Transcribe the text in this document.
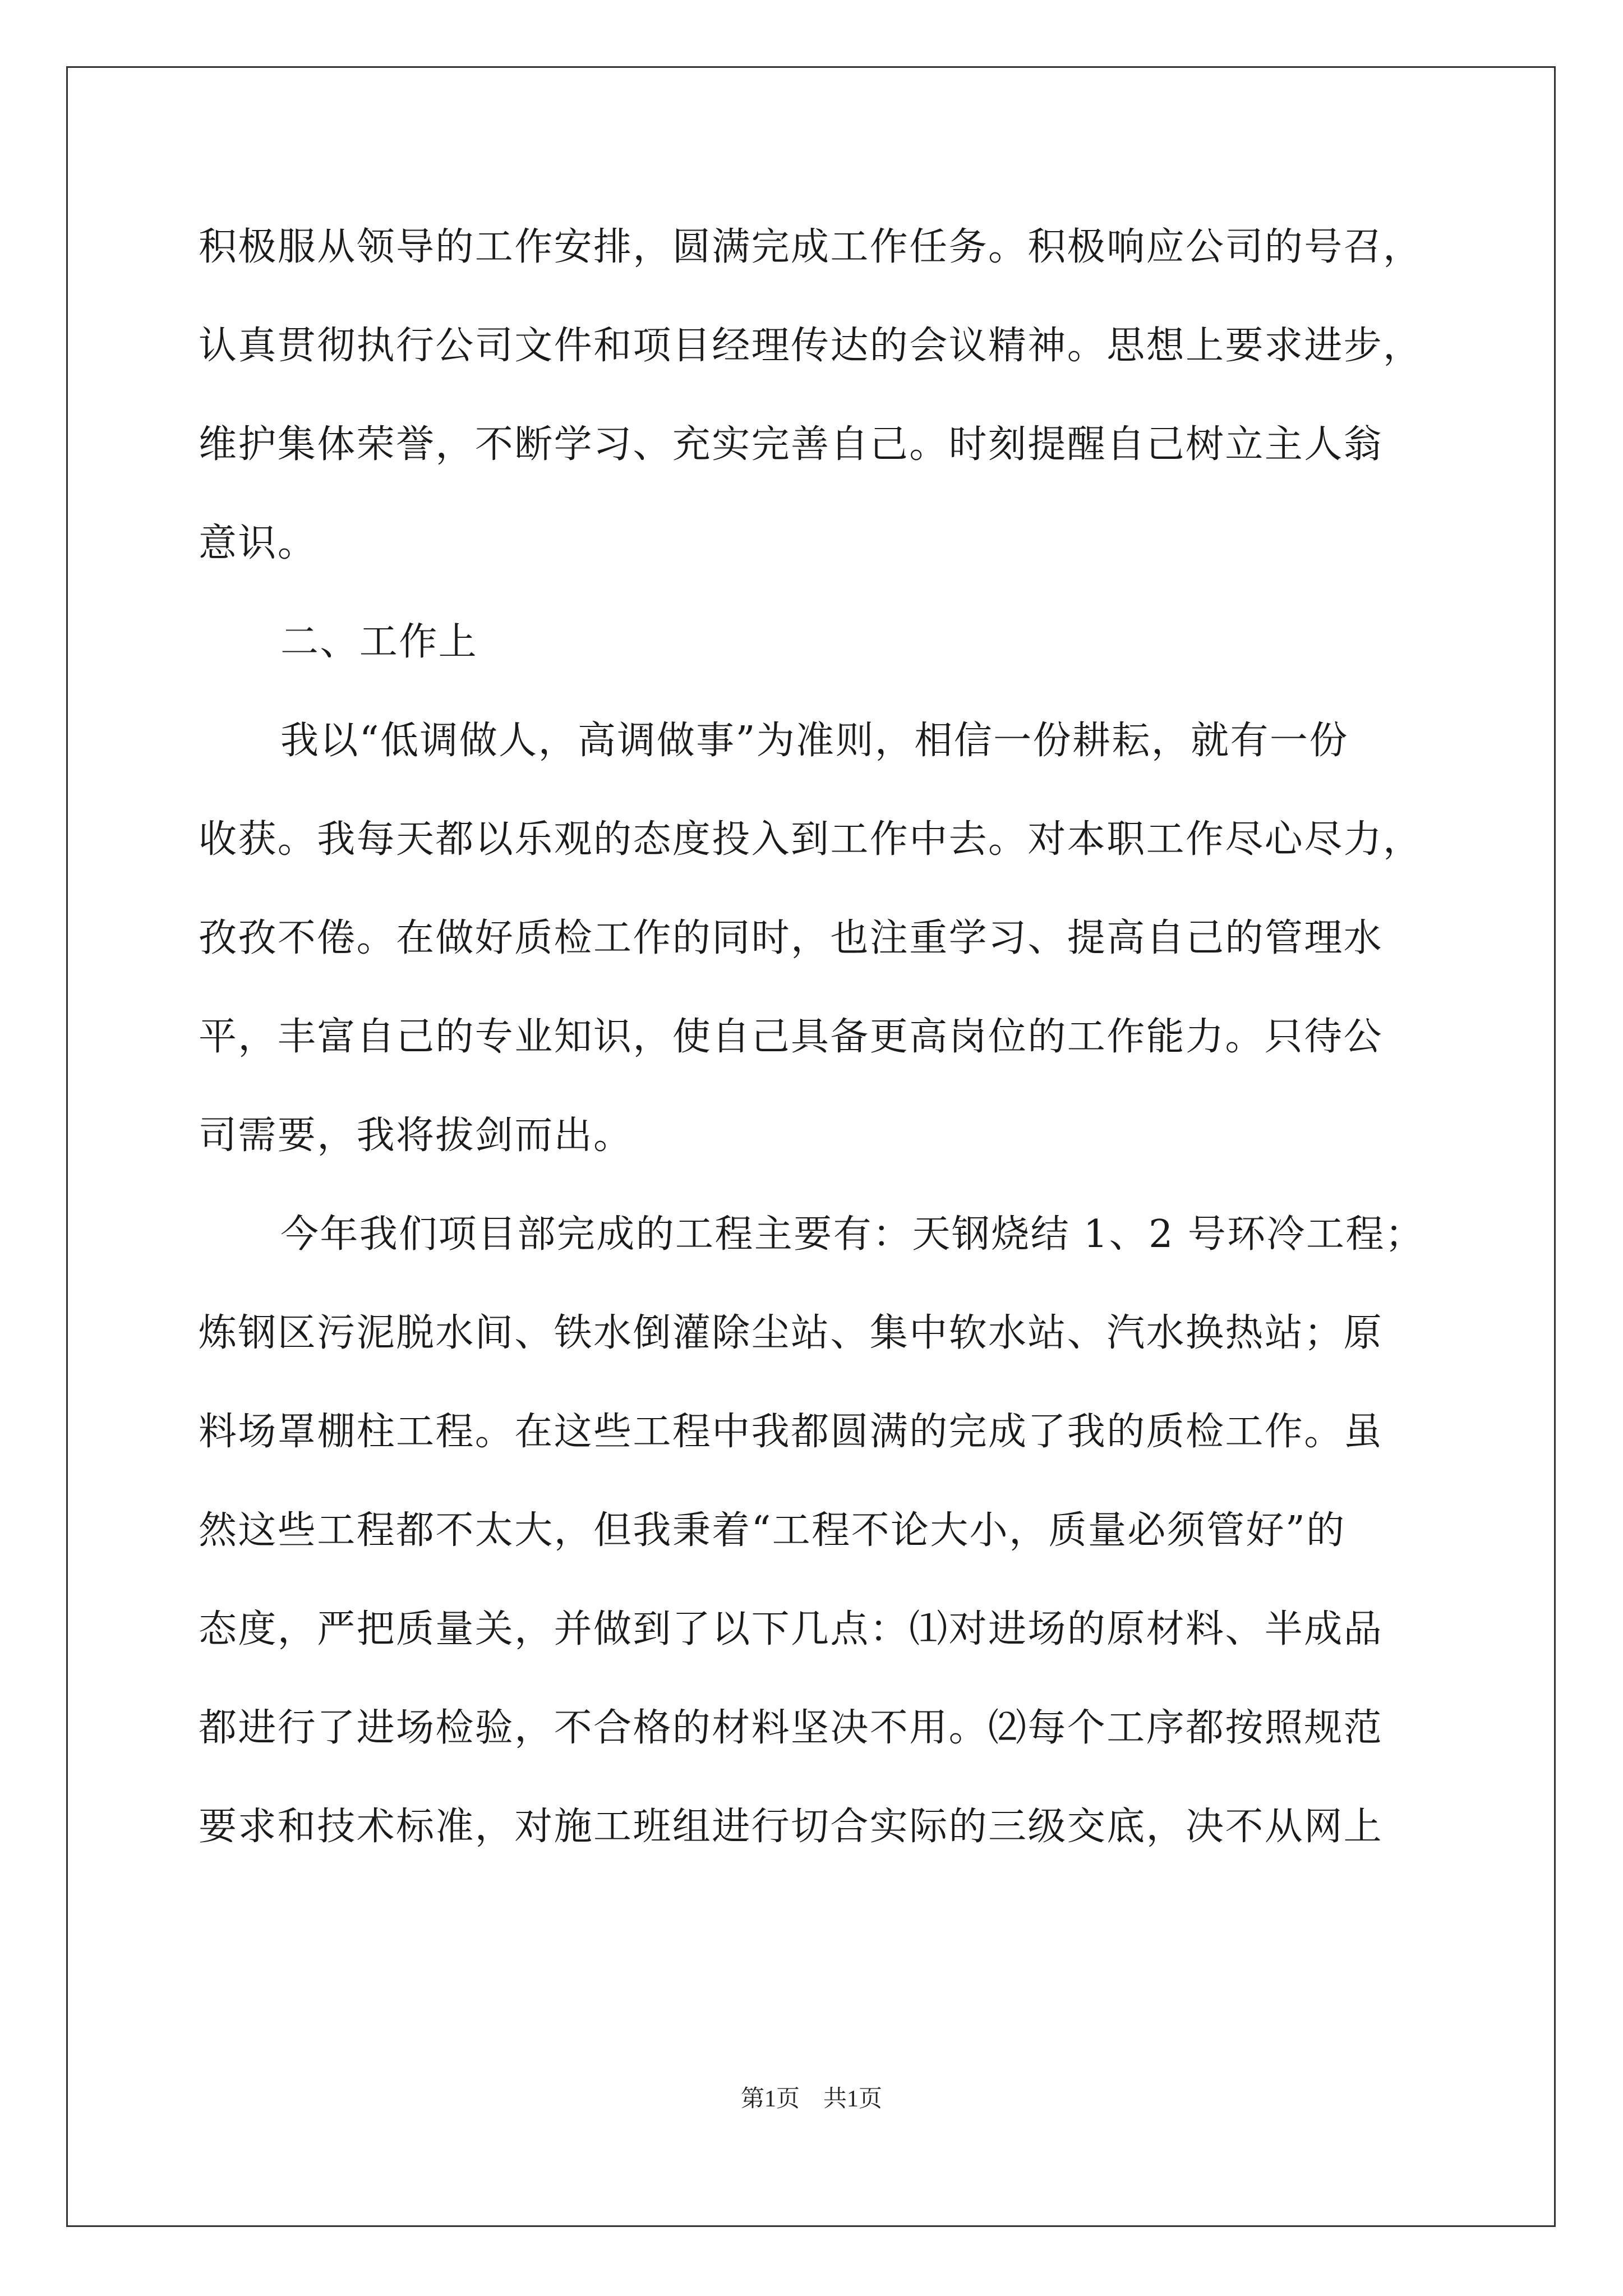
积极服从领导的工作安排，圆满完成工作任务。积极响应公司的号召，
认真贯彻执行公司文件和项目经理传达的会议精神。思想上要求进步，
维护集体荣誉，不断学习、充实完善自己。时刻提醒自己树立主人翁
意识。
二、工作上
我以“低调做人，高调做事”为准则，相信一份耕耘，就有一份
收获。我每天都以乐观的态度投入到工作中去。对本职工作尽心尽力，
孜孜不倦。在做好质检工作的同时，也注重学习、提高自己的管理水
平，丰富自己的专业知识，使自己具备更高岗位的工作能力。只待公
司需要，我将拔剑而出。
今年我们项目部完成的工程主要有：天钢烧结 1、2 号环冷工程；
炼钢区污泥脱水间、铁水倒灌除尘站、集中软水站、汽水换热站；原
料场罩棚柱工程。在这些工程中我都圆满的完成了我的质检工作。虽
然这些工程都不太大，但我秉着“工程不论大小，质量必须管好”的
态度，严把质量关，并做到了以下几点：⑴对进场的原材料、半成品
都进行了进场检验，不合格的材料坚决不用。⑵每个工序都按照规范
要求和技术标准，对施工班组进行切合实际的三级交底，决不从网上
第1页　共1页
